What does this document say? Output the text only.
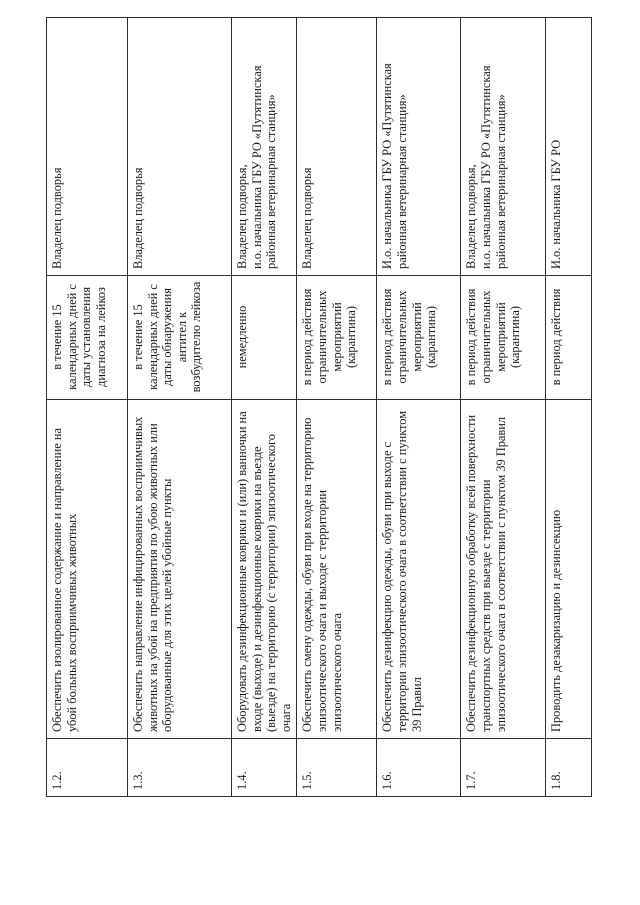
1.2.	Обеспечить изолированное содержание и направление на убой больных восприимчивых животных	в течение 15 календарных дней с даты установления диагноза на лейкоз	Владелец подворья
1.3.	Обеспечить направление инфицированных восприимчивых животных на убой на предприятия по убою животных или оборудованные для этих целей убойные пункты	в течение 15 календарных дней с даты обнаружения антител к возбудителю лейкоза	Владелец подворья
1.4.	Оборудовать дезинфекционные коврики и (или) ванночки на входе (выходе) и дезинфекционные коврики на въезде (выезде) на территорию (с территории) эпизоотического очага	немедленно	Владелец подворья,
и.о. начальника ГБУ РО «Путятинская районная ветеринарная станция»
1.5.	Обеспечить смену одежды, обуви при входе на территорию эпизоотического очага и выходе с территории эпизоотического очага	в период действия ограничительных мероприятий (карантина)	Владелец подворья
1.6.	Обеспечить дезинфекцию одежды, обуви при выходе с территории эпизоотического очага в соответствии с пунктом 39 Правил	в период действия ограничительных мероприятий (карантина)	И.о. начальника ГБУ РО «Путятинская районная ветеринарная станция»
1.7.	Обеспечить дезинфекционную обработку всей поверхности транспортных средств при выезде с территории эпизоотического очага в соответствии с пунктом 39 Правил	в период действия ограничительных мероприятий (карантина)	Владелец подворья,
и.о. начальника ГБУ РО «Путятинская районная ветеринарная станция»
1.8.	Проводить дезакаризацию и дезинсекцию	в период действия	И.о. начальника ГБУ РО
